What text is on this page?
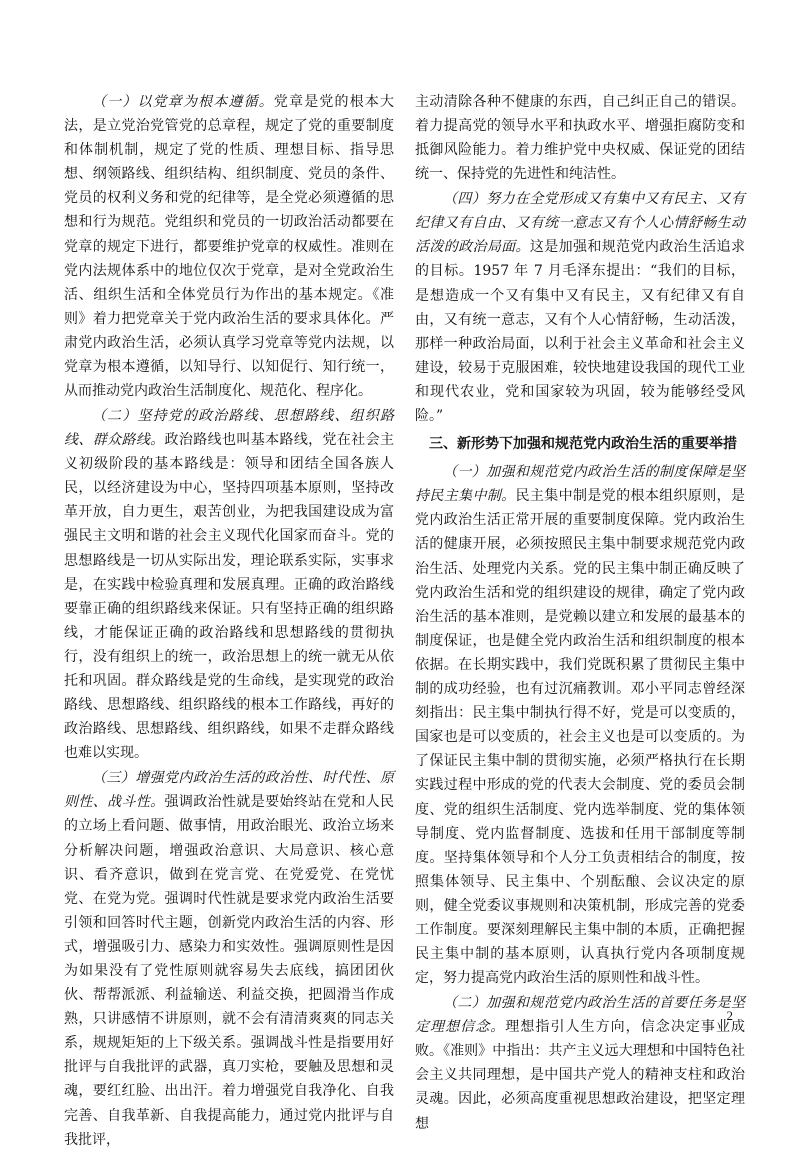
（一）以党章为根本遵循。党章是党的根本大法，是立党治党管党的总章程，规定了党的重要制度和体制机制，规定了党的性质、理想目标、指导思想、纲领路线、组织结构、组织制度、党员的条件、党员的权利义务和党的纪律等，是全党必须遵循的思想和行为规范。党组织和党员的一切政治活动都要在党章的规定下进行，都要维护党章的权威性。准则在党内法规体系中的地位仅次于党章，是对全党政治生活、组织生活和全体党员行为作出的基本规定。《准则》着力把党章关于党内政治生活的要求具体化。严肃党内政治生活，必须认真学习党章等党内法规，以党章为根本遵循，以知导行、以知促行、知行统一，从而推动党内政治生活制度化、规范化、程序化。

（二）坚持党的政治路线、思想路线、组织路线、群众路线。政治路线也叫基本路线，党在社会主义初级阶段的基本路线是：领导和团结全国各族人民，以经济建设为中心，坚持四项基本原则，坚持改革开放，自力更生，艰苦创业，为把我国建设成为富强民主文明和谐的社会主义现代化国家而奋斗。党的思想路线是一切从实际出发，理论联系实际，实事求是，在实践中检验真理和发展真理。正确的政治路线要靠正确的组织路线来保证。只有坚持正确的组织路线，才能保证正确的政治路线和思想路线的贯彻执行，没有组织上的统一，政治思想上的统一就无从依托和巩固。群众路线是党的生命线，是实现党的政治路线、思想路线、组织路线的根本工作路线，再好的政治路线、思想路线、组织路线，如果不走群众路线也难以实现。

（三）增强党内政治生活的政治性、时代性、原则性、战斗性。强调政治性就是要始终站在党和人民的立场上看问题、做事情，用政治眼光、政治立场来分析解决问题，增强政治意识、大局意识、核心意识、看齐意识，做到在党言党、在党爱党、在党忧党、在党为党。强调时代性就是要求党内政治生活要引领和回答时代主题，创新党内政治生活的内容、形式，增强吸引力、感染力和实效性。强调原则性是因为如果没有了党性原则就容易失去底线，搞团团伙伙、帮帮派派、利益输送、利益交换，把圆滑当作成熟，只讲感情不讲原则，就不会有清清爽爽的同志关系，规规矩矩的上下级关系。强调战斗性是指要用好批评与自我批评的武器，真刀实枪，要触及思想和灵魂，要红红脸、出出汗。着力增强党自我净化、自我完善、自我革新、自我提高能力，通过党内批评与自我批评，

主动清除各种不健康的东西，自己纠正自己的错误。着力提高党的领导水平和执政水平、增强拒腐防变和抵御风险能力。着力维护党中央权威、保证党的团结统一、保持党的先进性和纯洁性。

（四）努力在全党形成又有集中又有民主、又有纪律又有自由、又有统一意志又有个人心情舒畅生动活泼的政治局面。这是加强和规范党内政治生活追求的目标。1957 年 7 月毛泽东提出：“我们的目标，是想造成一个又有集中又有民主，又有纪律又有自由，又有统一意志，又有个人心情舒畅，生动活泼，那样一种政治局面，以利于社会主义革命和社会主义建设，较易于克服困难，较快地建设我国的现代工业和现代农业，党和国家较为巩固，较为能够经受风险。”

三、新形势下加强和规范党内政治生活的重要举措

（一）加强和规范党内政治生活的制度保障是坚持民主集中制。民主集中制是党的根本组织原则，是党内政治生活正常开展的重要制度保障。党内政治生活的健康开展，必须按照民主集中制要求规范党内政治生活、处理党内关系。党的民主集中制正确反映了党内政治生活和党的组织建设的规律，确定了党内政治生活的基本准则，是党赖以建立和发展的最基本的制度保证，也是健全党内政治生活和组织制度的根本依据。在长期实践中，我们党既积累了贯彻民主集中制的成功经验，也有过沉痛教训。邓小平同志曾经深刻指出：民主集中制执行得不好，党是可以变质的，国家也是可以变质的，社会主义也是可以变质的。为了保证民主集中制的贯彻实施，必须严格执行在长期实践过程中形成的党的代表大会制度、党的委员会制度、党的组织生活制度、党内选举制度、党的集体领导制度、党内监督制度、选拔和任用干部制度等制度。坚持集体领导和个人分工负责相结合的制度，按照集体领导、民主集中、个别酝酿、会议决定的原则，健全党委议事规则和决策机制，形成完善的党委工作制度。要深刻理解民主集中制的本质，正确把握民主集中制的基本原则，认真执行党内各项制度规定，努力提高党内政治生活的原则性和战斗性。

（二）加强和规范党内政治生活的首要任务是坚定理想信念。理想指引人生方向，信念决定事业成败。《准则》中指出：共产主义远大理想和中国特色社会主义共同理想，是中国共产党人的精神支柱和政治灵魂。因此，必须高度重视思想政治建设，把坚定理想

2
